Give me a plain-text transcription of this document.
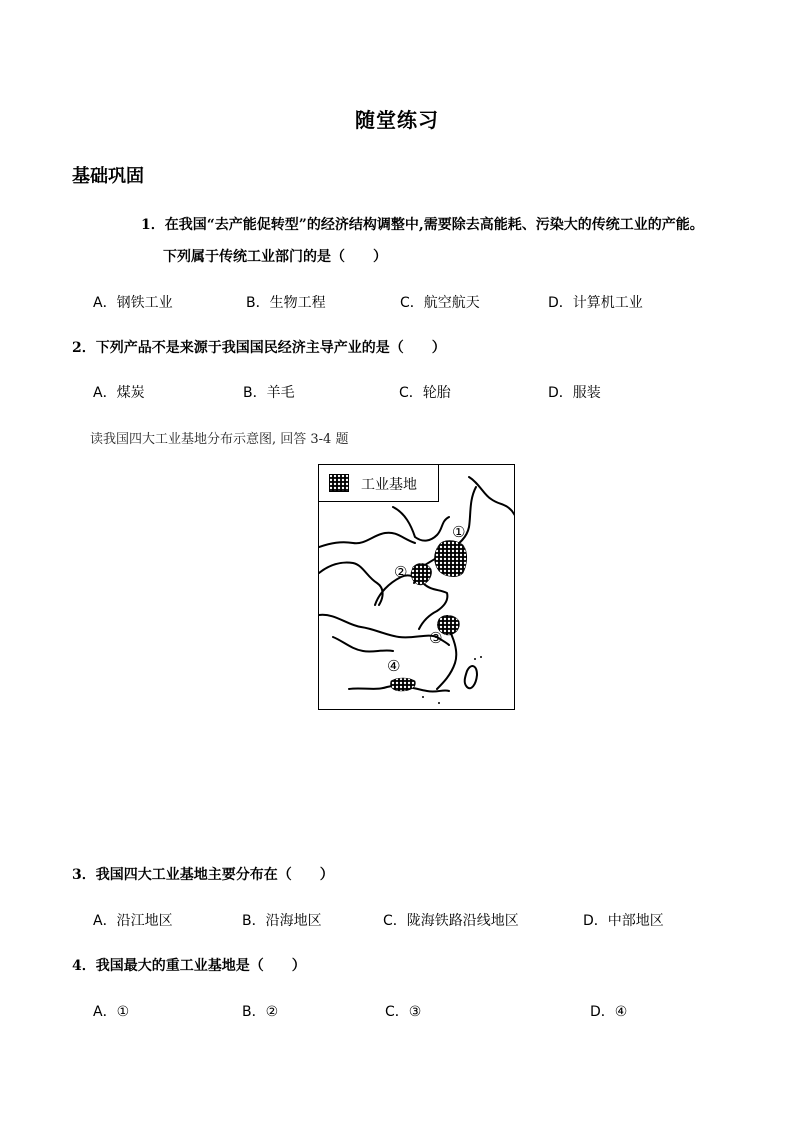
随堂练习
基础巩固
1．在我国“去产能促转型”的经济结构调整中,需要除去高能耗、污染大的传统工业的产能。
下列属于传统工业部门的是（　　）
A．钢铁工业	B．生物工程	C．航空航天	D．计算机工业
2．下列产品不是来源于我国国民经济主导产业的是（　　）
A．煤炭	B．羊毛	C．轮胎	D．服装
读我国四大工业基地分布示意图, 回答 3-4 题
工业基地
①
②
③
④
3．我国四大工业基地主要分布在（　　）
A．沿江地区	B．沿海地区	C．陇海铁路沿线地区	D．中部地区
4．我国最大的重工业基地是（　　）
A．①	B．②	C．③	D．④
